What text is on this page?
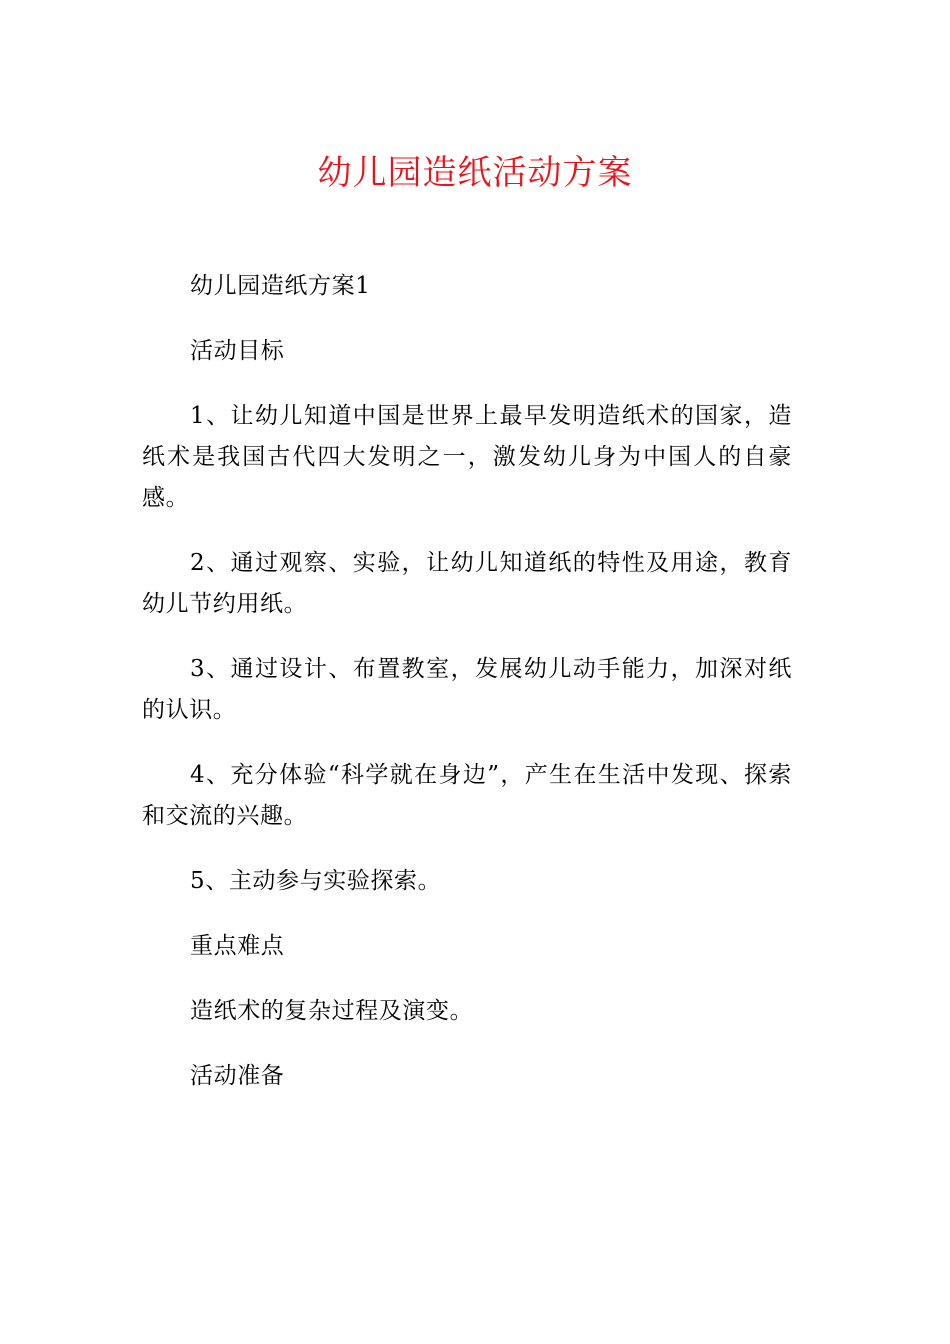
幼儿园造纸活动方案

幼儿园造纸方案1

活动目标

1、让幼儿知道中国是世界上最早发明造纸术的国家，造纸术是我国古代四大发明之一，激发幼儿身为中国人的自豪感。

2、通过观察、实验，让幼儿知道纸的特性及用途，教育幼儿节约用纸。

3、通过设计、布置教室，发展幼儿动手能力，加深对纸的认识。

4、充分体验“科学就在身边”，产生在生活中发现、探索和交流的兴趣。

5、主动参与实验探索。

重点难点

造纸术的复杂过程及演变。

活动准备
